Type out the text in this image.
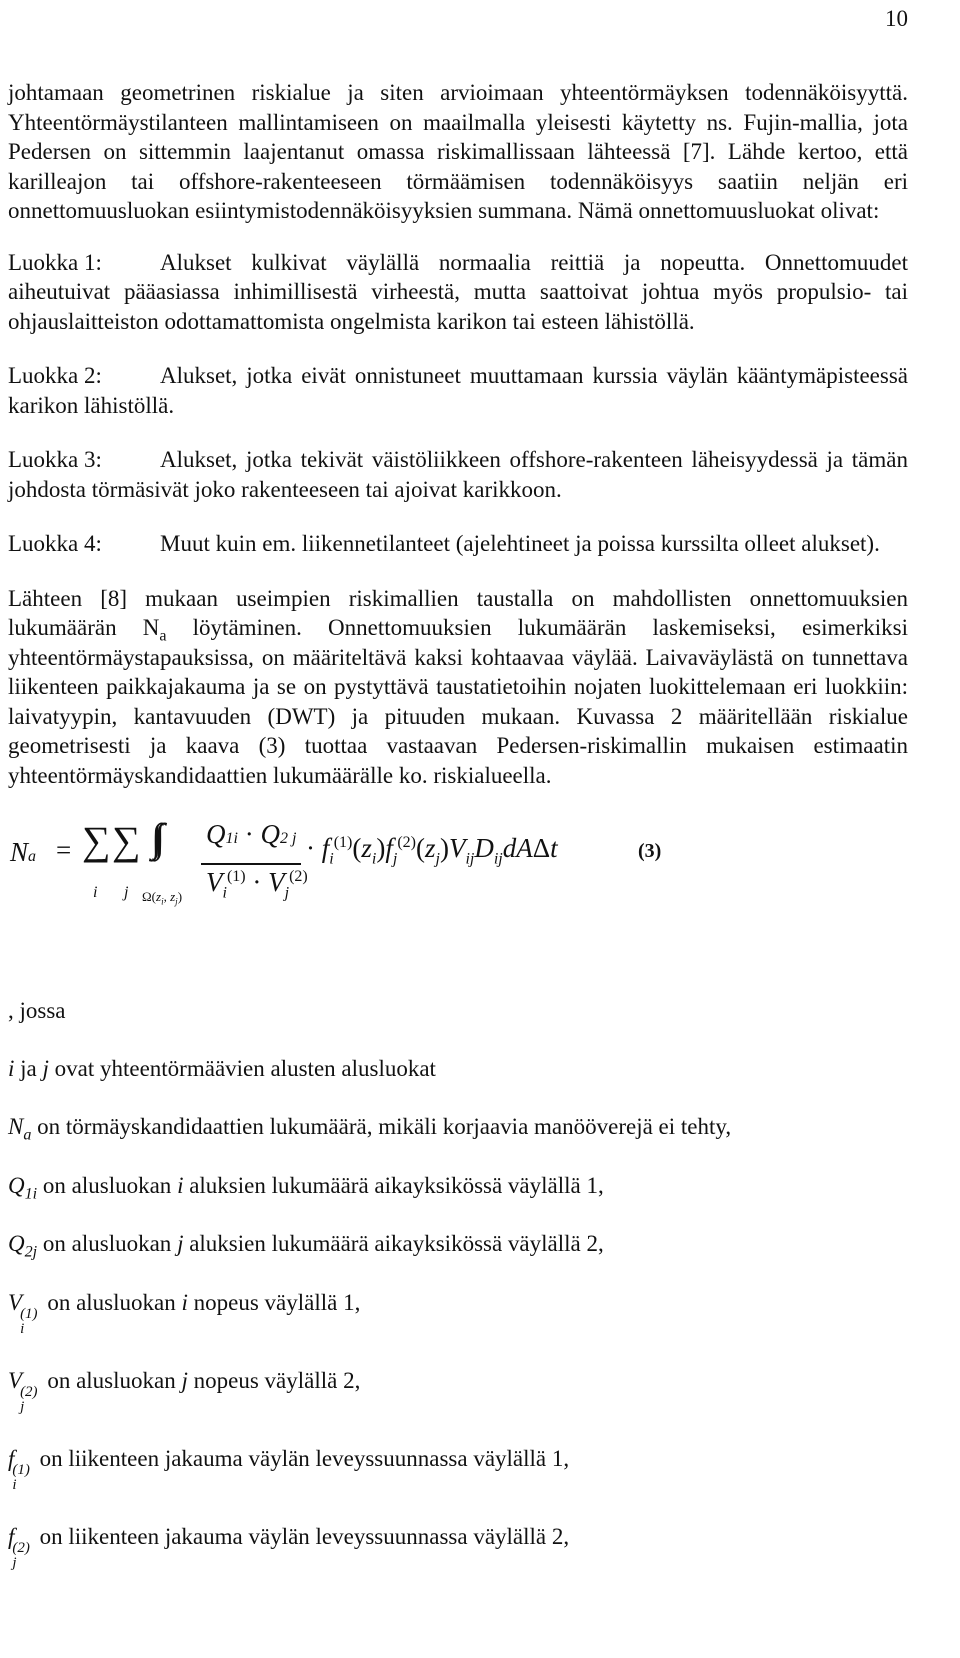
10

johtamaan geometrinen riskialue ja siten arvioimaan yhteentörmäyksen todennäköisyyttä. Yhteentörmäystilanteen mallintamiseen on maailmalla yleisesti käytetty ns. Fujin-mallia, jota Pedersen on sittemmin laajentanut omassa riskimallissaan lähteessä [7]. Lähde kertoo, että karilleajon tai offshore-rakenteeseen törmäämisen todennäköisyys saatiin neljän eri onnettomuusluokan esiintymistodennäköisyyksien summana. Nämä onnettomuusluokat olivat:

Luokka 1:	Alukset kulkivat väylällä normaalia reittiä ja nopeutta. Onnettomuudet aiheutuivat pääasiassa inhimillisestä virheestä, mutta saattoivat johtua myös propulsio- tai ohjauslaitteiston odottamattomista ongelmista karikon tai esteen lähistöllä.

Luokka 2:	Alukset, jotka eivät onnistuneet muuttamaan kurssia väylän kääntymäpisteessä karikon lähistöllä.

Luokka 3:	Alukset, jotka tekivät väistöliikkeen offshore-rakenteen läheisyydessä ja tämän johdosta törmäsivät joko rakenteeseen tai ajoivat karikkoon.

Luokka 4:	Muut kuin em. liikennetilanteet (ajelehtineet ja poissa kurssilta olleet alukset).

Lähteen [8] mukaan useimpien riskimallien taustalla on mahdollisten onnettomuuksien lukumäärän $N_a$ löytäminen. Onnettomuuksien lukumäärän laskemiseksi, esimerkiksi yhteentörmäystapauksissa, on määriteltävä kaksi kohtaavaa väylää. Laivaväylästä on tunnettava liikenteen paikkajakauma ja se on pystyttävä taustatietoihin nojaten luokittelemaan eri luokkiin: laivatyypin, kantavuuden (DWT) ja pituuden mukaan. Kuvassa 2 määritellään riskialue geometrisesti ja kaava (3) tuottaa vastaavan Pedersen-riskimallin mukaisen estimaatin yhteentörmäyskandidaattien lukumäärälle ko. riskialueella.

Na = ∑
i
∑
j $\Omega(z_i$, $z_j$)
Q1i · Q2 j
$V_i^{(1)} \cdot V_j^{(2)}$
· $f_i^{(1)}(z_i)f_j^{(2)}(z_j)V_{ij}D_{ij}dA\Delta t$	(3)

, jossa

i ja j ovat yhteentörmäävien alusten alusluokat

$N_a$ on törmäyskandidaattien lukumäärä, mikäli korjaavia manööverejä ei tehty,

$Q_{1i}$ on alusluokan i aluksien lukumäärä aikayksikössä väylällä 1,

$Q_{2j}$ on alusluokan j aluksien lukumäärä aikayksikössä väylällä 2,

V
(1)
i
on alusluokan i nopeus väylällä 1,

V
(2)
j
on alusluokan j nopeus väylällä 2,

f
(1)
i
on liikenteen jakauma väylän leveyssuunnassa väylällä 1,

f
(2)
j
on liikenteen jakauma väylän leveyssuunnassa väylällä 2,
